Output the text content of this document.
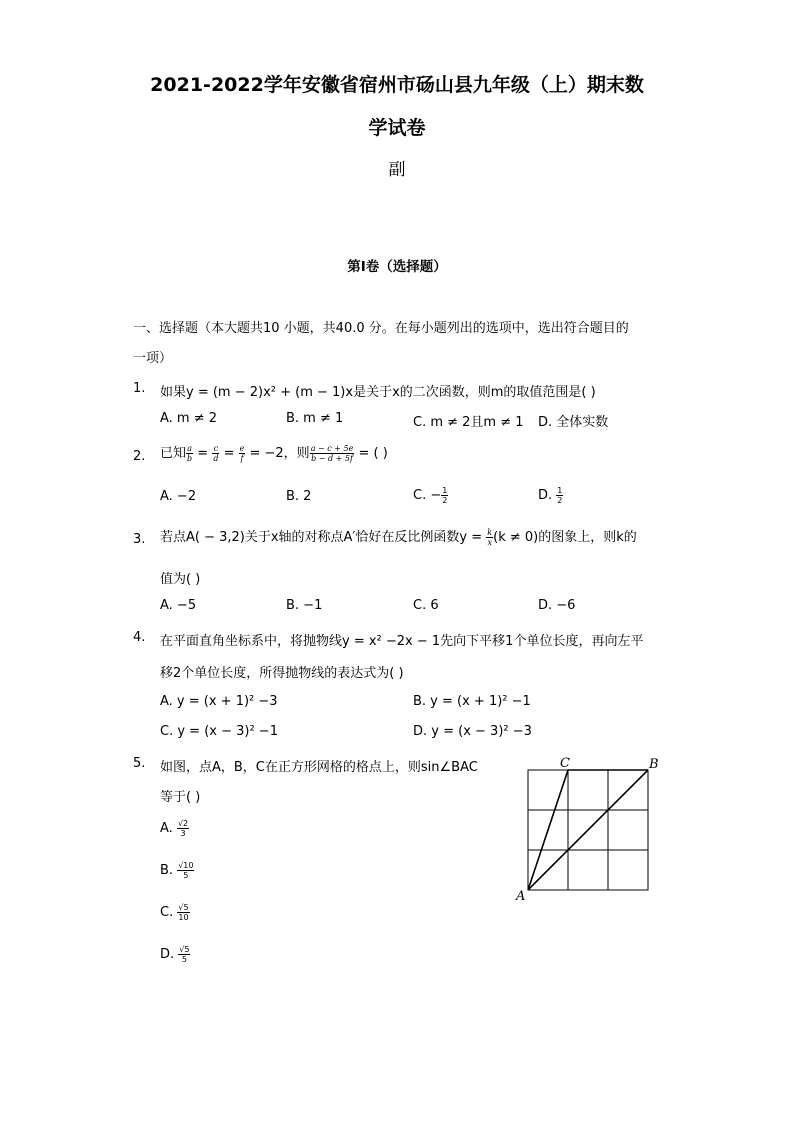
2021-2022学年安徽省宿州市砀山县九年级（上）期末数
学试卷
副
第I卷（选择题）
一、选择题（本大题共10 小题，共40.0 分。在每小题列出的选项中，选出符合题目的
一项）
1. 如果y = (m − 2)x² + (m − 1)x是关于x的二次函数，则m的取值范围是( )
A. m ≠ 2	B. m ≠ 1	C. m ≠ 2且m ≠ 1 D. 全体实数
2. 已知 $\frac{a}{b} = \frac{c}{d} = \frac{e}{f} = -2$，则 $\frac{a - c + 5e}{b - d + 5f}$ = ( )
A. −2	B. 2	C. − $\frac{1}{2}$	D. $\frac{1}{2}$
3. 若点A( − 3,2)关于x轴的对称点A′恰好在反比例函数$y = \frac{k}{x} (k \ne 0)$的图象上，则k的
值为( )
A. −5	B. −1	C. 6	D. −6
4. 在平面直角坐标系中，将抛物线y = x² −2x − 1先向下平移1个单位长度，再向左平
移2个单位长度，所得抛物线的表达式为( )
A. y = (x + 1)² −3	B. y = (x + 1)² −1
C. y = (x − 3)² −1	D. y = (x − 3)² −3
5. 如图，点A，B，C在正方形网格的格点上，则sin∠BAC
等于( )
A. $\frac{√2}{3}$
B. $\frac{√10}{5}$
C. $\frac{√5}{10}$
D. $\frac{√5}{5}$
A
C	B
